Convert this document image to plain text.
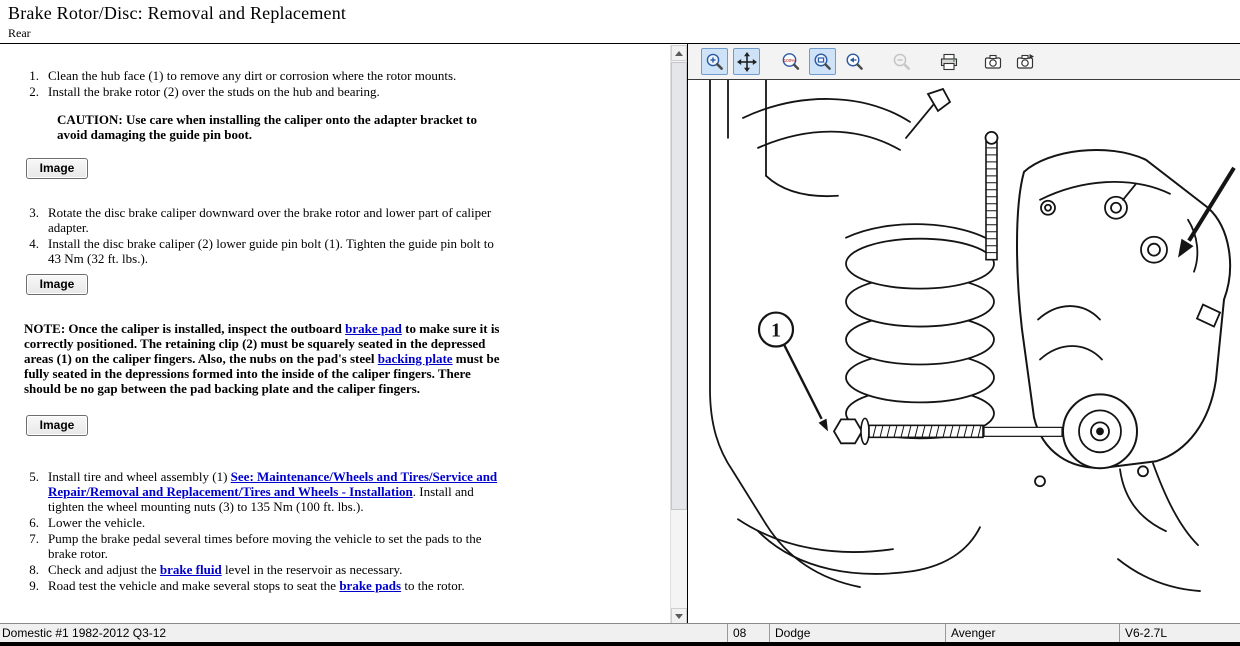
Brake Rotor/Disc: Removal and Replacement
Rear
1. Clean the hub face (1) to remove any dirt or corrosion where the rotor mounts.
2. Install the brake rotor (2) over the studs on the hub and bearing.
CAUTION: Use care when installing the caliper onto the adapter bracket to avoid damaging the guide pin boot.
Image
3. Rotate the disc brake caliper downward over the brake rotor and lower part of caliper adapter.
4. Install the disc brake caliper (2) lower guide pin bolt (1). Tighten the guide pin bolt to 43 Nm (32 ft. lbs.).
Image
NOTE: Once the caliper is installed, inspect the outboard brake pad to make sure it is correctly positioned. The retaining clip (2) must be squarely seated in the depressed areas (1) on the caliper fingers. Also, the nubs on the pad's steel backing plate must be fully seated in the depressions formed into the inside of the caliper fingers. There should be no gap between the pad backing plate and the caliper fingers.
Image
5. Install tire and wheel assembly (1) See: Maintenance/Wheels and Tires/Service and Repair/Removal and Replacement/Tires and Wheels - Installation. Install and tighten the wheel mounting nuts (3) to 135 Nm (100 ft. lbs.).
6. Lower the vehicle.
7. Pump the brake pedal several times before moving the vehicle to set the pads to the brake rotor.
8. Check and adjust the brake fluid level in the reservoir as necessary.
9. Road test the vehicle and make several stops to seat the brake pads to the rotor.
100%
1
Domestic #1 1982-2012 Q3-12	08	Dodge	Avenger	V6-2.7L
